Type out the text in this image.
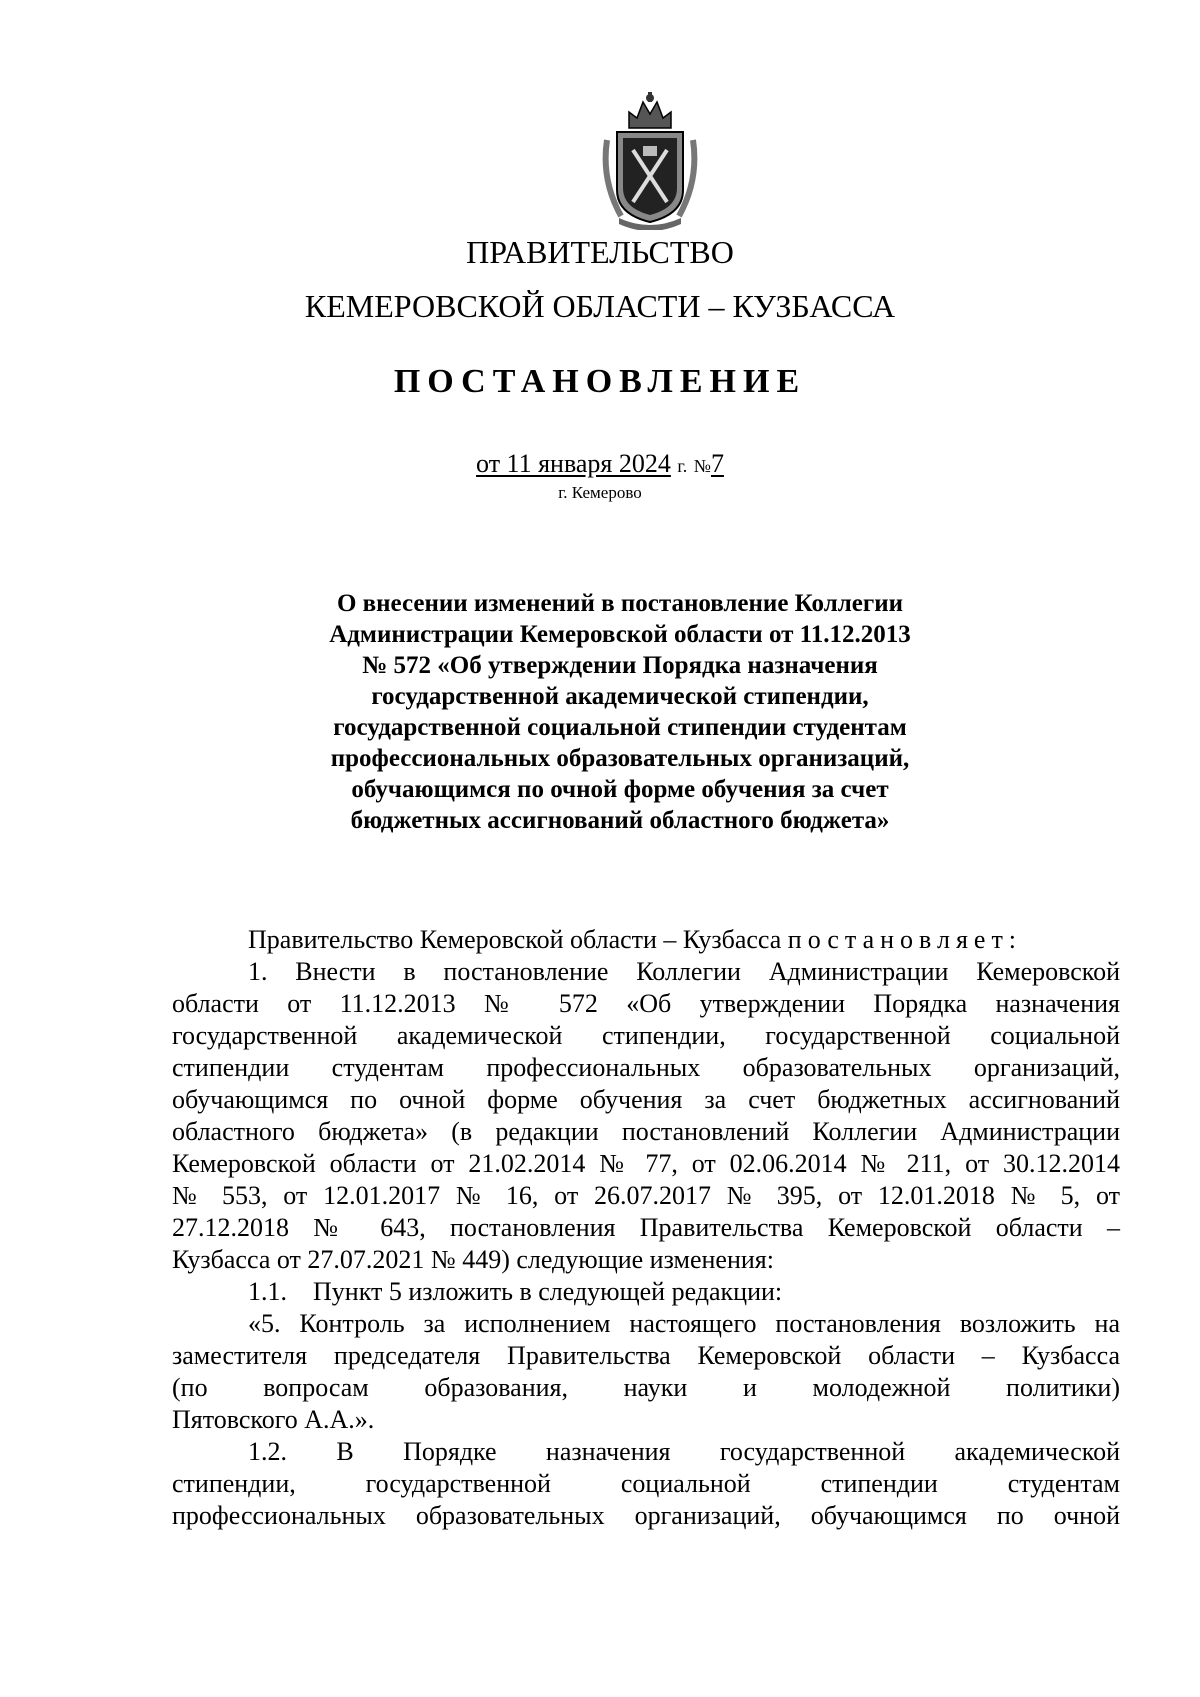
ПРАВИТЕЛЬСТВО
КЕМЕРОВСКОЙ ОБЛАСТИ – КУЗБАССА
ПОСТАНОВЛЕНИЕ
от 11 января 2024 г. №7
г. Кемерово
О внесении изменений в постановление Коллегии
Администрации Кемеровской области от 11.12.2013
№ 572 «Об утверждении Порядка назначения
государственной академической стипендии,
государственной социальной стипендии студентам
профессиональных образовательных организаций,
обучающимся по очной форме обучения за счет
бюджетных ассигнований областного бюджета»
Правительство Кемеровской области – Кузбасса постановляет:
1. Внести в постановление Коллегии Администрации Кемеровской
области от 11.12.2013 № 572 «Об утверждении Порядка назначения
государственной академической стипендии, государственной социальной
стипендии студентам профессиональных образовательных организаций,
обучающимся по очной форме обучения за счет бюджетных ассигнований
областного бюджета» (в редакции постановлений Коллегии Администрации
Кемеровской области от 21.02.2014 № 77, от 02.06.2014 № 211, от 30.12.2014
№ 553, от 12.01.2017 № 16, от 26.07.2017 № 395, от 12.01.2018 № 5, от
27.12.2018 № 643, постановления Правительства Кемеровской области –
Кузбасса от 27.07.2021 № 449) следующие изменения:
1.1.    Пункт 5 изложить в следующей редакции:
«5. Контроль за исполнением настоящего постановления возложить на
заместителя председателя Правительства Кемеровской области – Кузбасса
(по вопросам образования, науки и молодежной политики)
Пятовского А.А.».
1.2. В Порядке назначения государственной академической
стипендии, государственной социальной стипендии студентам
профессиональных образовательных организаций, обучающимся по очной
